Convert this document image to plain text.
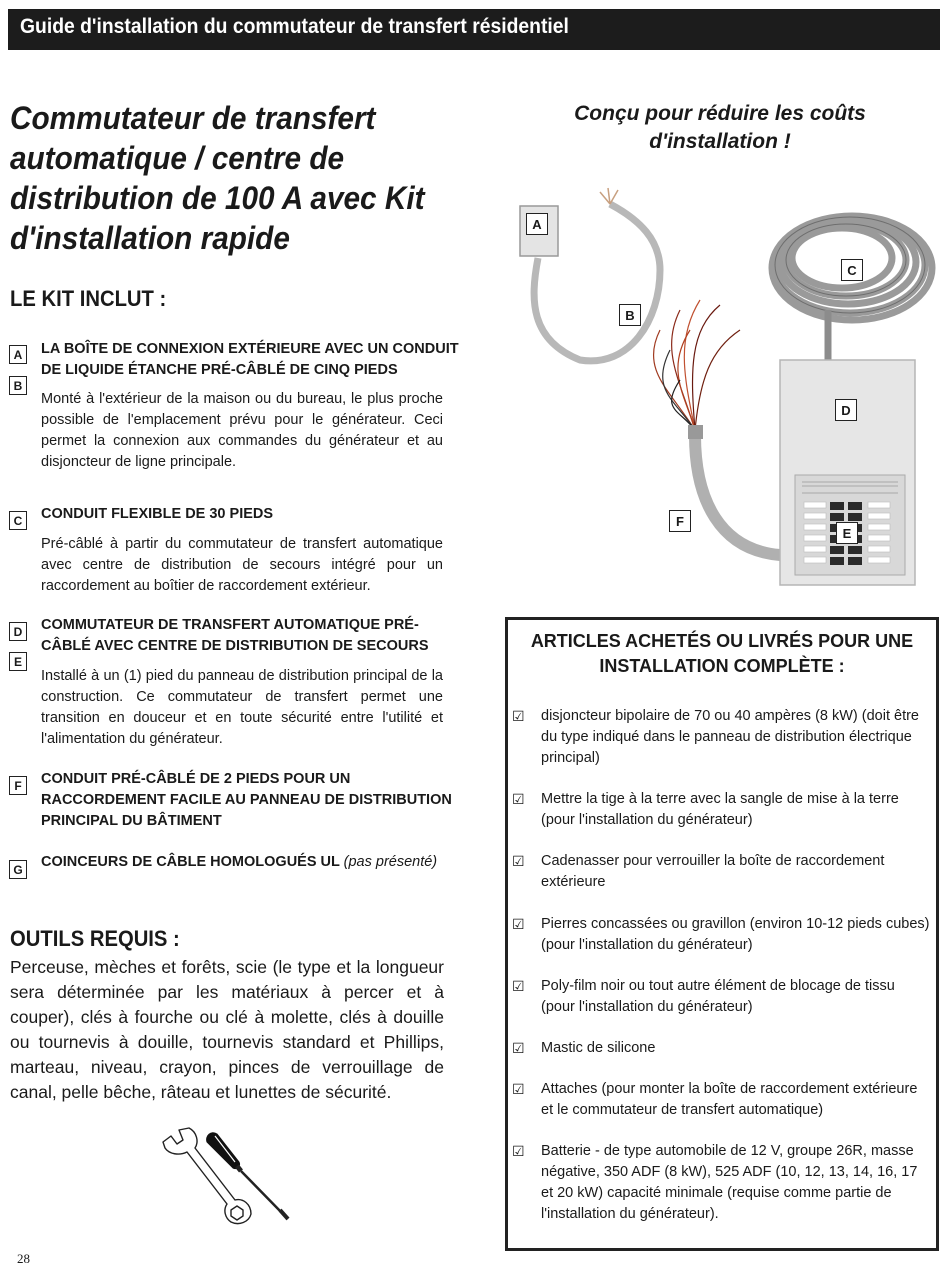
Guide d'installation du commutateur de transfert résidentiel
Commutateur de transfert
automatique / centre de
distribution de 100 A avec Kit
d'installation rapide
Conçu pour réduire les coûts
d'installation !
LE KIT INCLUT :
A
B
LA BOÎTE DE CONNEXION EXTÉRIEURE AVEC UN CONDUIT DE LIQUIDE ÉTANCHE PRÉ-CÂBLÉ DE CINQ PIEDS
Monté à l'extérieur de la maison ou du bureau, le plus proche possible de l'emplacement prévu pour le générateur. Ceci permet la connexion aux commandes du générateur et au disjoncteur de ligne principale.
C	CONDUIT FLEXIBLE DE 30 PIEDS
Pré-câblé à partir du commutateur de transfert automatique avec centre de distribution de secours intégré pour un raccordement au boîtier de raccordement extérieur.
D
E
COMMUTATEUR DE TRANSFERT AUTOMATIQUE PRÉ-CÂBLÉ AVEC CENTRE DE DISTRIBUTION DE SECOURS
Installé à un (1) pied du panneau de distribution principal de la construction. Ce commutateur de transfert permet une transition en douceur et en toute sécurité entre l'utilité et l'alimentation du générateur.
F	CONDUIT PRÉ-CÂBLÉ DE 2 PIEDS POUR UN RACCORDEMENT FACILE AU PANNEAU DE DISTRIBUTION PRINCIPAL DU BÂTIMENT
G COINCEURS DE CÂBLE HOMOLOGUÉS UL (pas présenté)
OUTILS REQUIS :
Perceuse, mèches et forêts, scie (le type et la longueur sera déterminée par les matériaux à percer et à couper), clés à fourche ou clé à molette, clés à douille ou tournevis à douille, tournevis standard et Phillips, marteau, niveau, crayon, pinces de verrouillage de canal, pelle bêche, râteau et lunettes de sécurité.
A
B
C
D
E
F
ARTICLES ACHETÉS OU LIVRÉS POUR UNE
INSTALLATION COMPLÈTE :
☑	disjoncteur bipolaire de 70 ou 40 ampères (8 kW) (doit être du type indiqué dans le panneau de distribution électrique principal)
☑	Mettre la tige à la terre avec la sangle de mise à la terre (pour l'installation du générateur)
☑	Cadenasser pour verrouiller la boîte de raccordement extérieure
☑	Pierres concassées ou gravillon (environ 10-12 pieds cubes) (pour l'installation du générateur)
☑	Poly-film noir ou tout autre élément de blocage de tissu (pour l'installation du générateur)
☑	Mastic de silicone
☑	Attaches (pour monter la boîte de raccordement extérieure et le commutateur de transfert automatique)
☑	Batterie - de type automobile de 12 V, groupe 26R, masse négative, 350 ADF (8 kW), 525 ADF (10, 12, 13, 14, 16, 17 et 20 kW) capacité minimale (requise comme partie de l'installation du générateur).
28
